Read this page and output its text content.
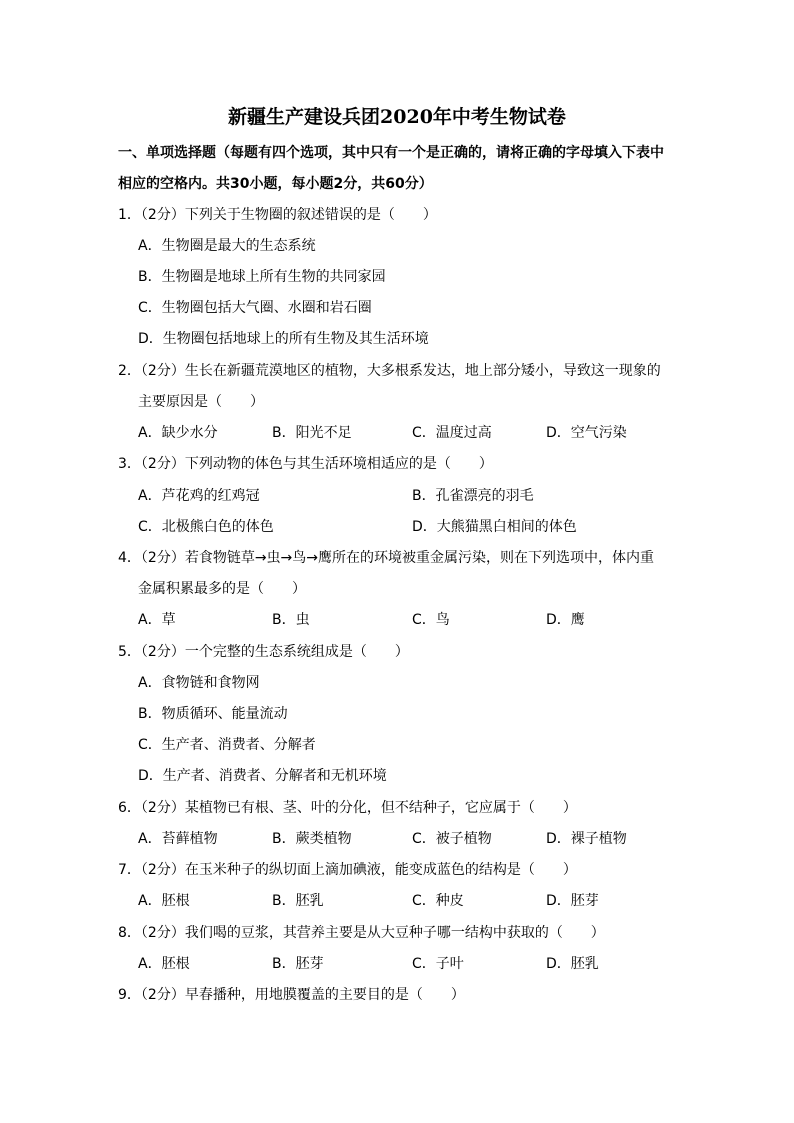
新疆生产建设兵团2020年中考生物试卷
一、单项选择题（每题有四个选项，其中只有一个是正确的，请将正确的字母填入下表中
相应的空格内。共30小题，每小题2分，共60分）
1．（2分）下列关于生物圈的叙述错误的是（　　）
A．生物圈是最大的生态系统
B．生物圈是地球上所有生物的共同家园
C．生物圈包括大气圈、水圈和岩石圈
D．生物圈包括地球上的所有生物及其生活环境
2．（2分）生长在新疆荒漠地区的植物，大多根系发达，地上部分矮小，导致这一现象的
主要原因是（　　）
A．缺少水分	B．阳光不足	C．温度过高	D．空气污染
3．（2分）下列动物的体色与其生活环境相适应的是（　　）
A．芦花鸡的红鸡冠	B．孔雀漂亮的羽毛
C．北极熊白色的体色	D．大熊猫黑白相间的体色
4．（2分）若食物链草→虫→鸟→鹰所在的环境被重金属污染，则在下列选项中，体内重
金属积累最多的是（　　）
A．草	B．虫	C．鸟	D．鹰
5．（2分）一个完整的生态系统组成是（　　）
A．食物链和食物网
B．物质循环、能量流动
C．生产者、消费者、分解者
D．生产者、消费者、分解者和无机环境
6．（2分）某植物已有根、茎、叶的分化，但不结种子，它应属于（　　）
A．苔藓植物	B．蕨类植物	C．被子植物	D．裸子植物
7．（2分）在玉米种子的纵切面上滴加碘液，能变成蓝色的结构是（　　）
A．胚根	B．胚乳	C．种皮	D．胚芽
8．（2分）我们喝的豆浆，其营养主要是从大豆种子哪一结构中获取的（　　）
A．胚根	B．胚芽	C．子叶	D．胚乳
9．（2分）早春播种，用地膜覆盖的主要目的是（　　）
